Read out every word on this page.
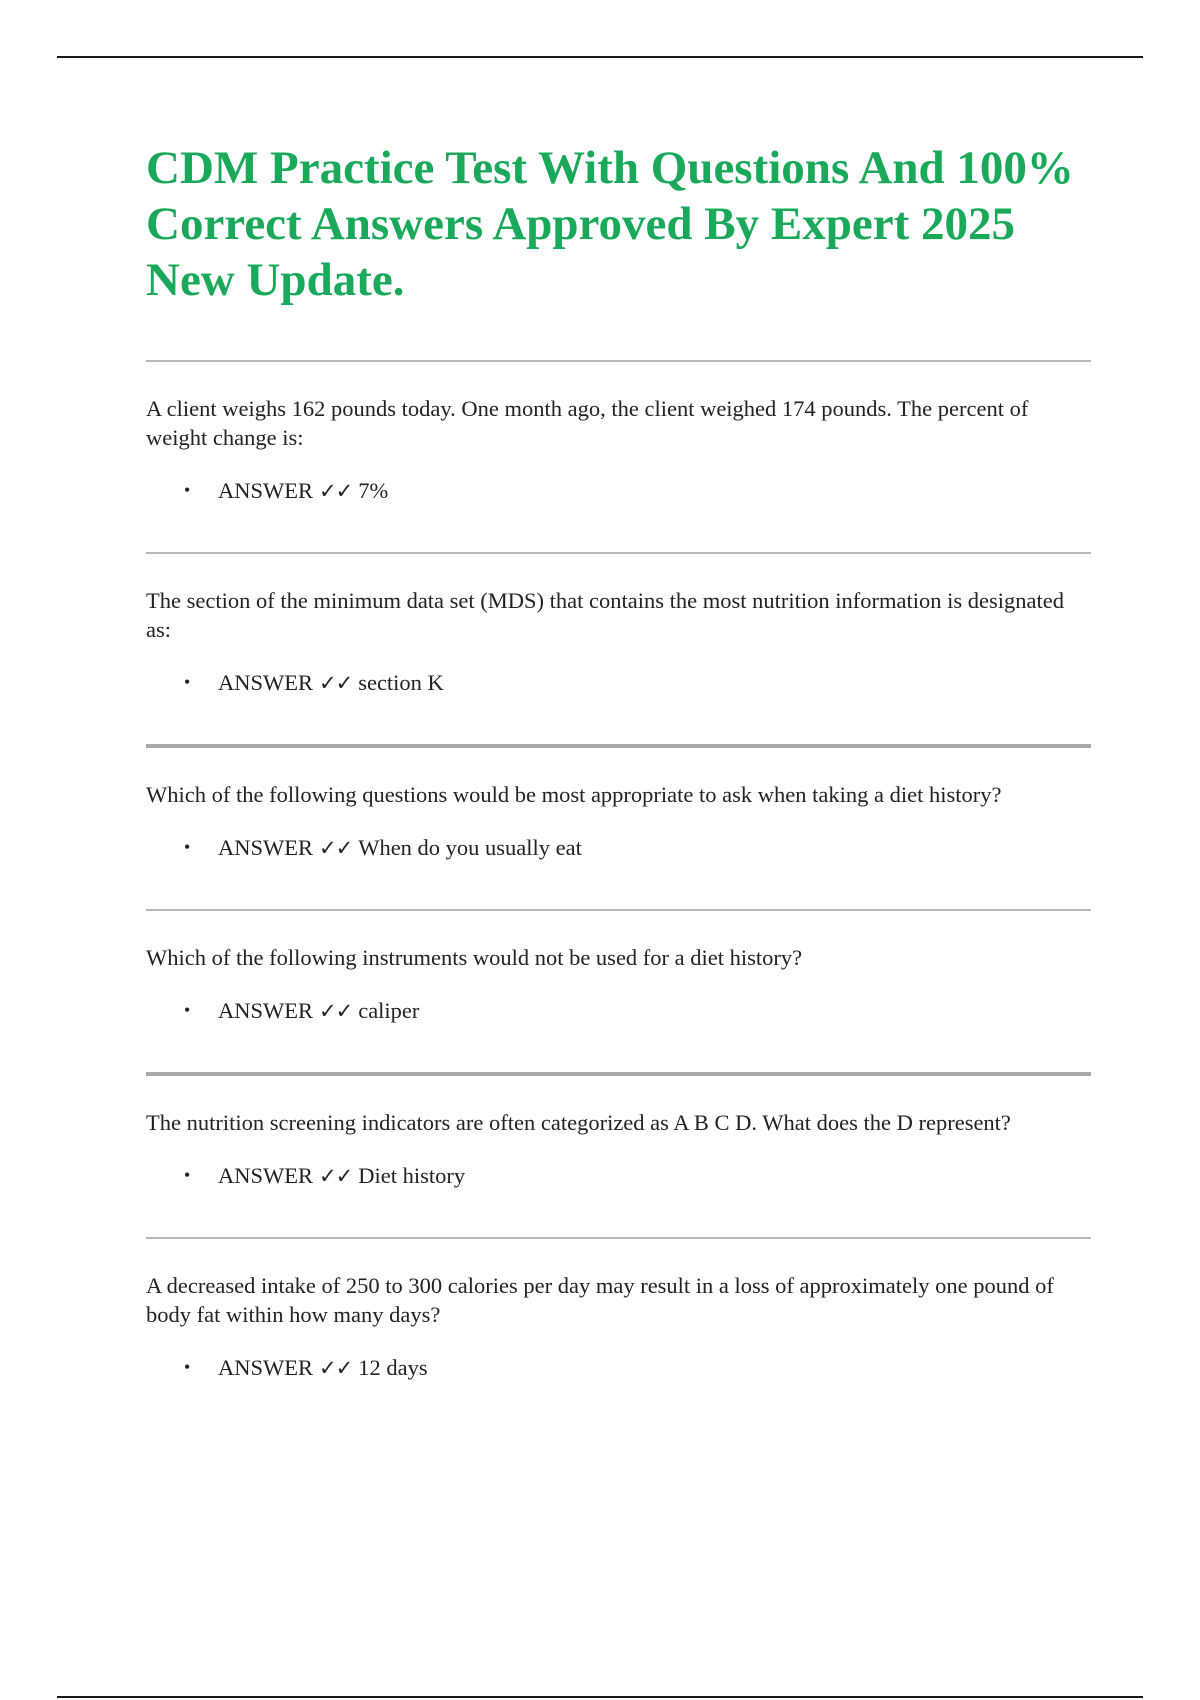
CDM Practice Test With Questions And 100% Correct Answers Approved By Expert 2025 New Update.

A client weighs 162 pounds today. One month ago, the client weighed 174 pounds. The percent of weight change is:

• ANSWER ✓✓ 7%

The section of the minimum data set (MDS) that contains the most nutrition information is designated as:

• ANSWER ✓✓ section K

Which of the following questions would be most appropriate to ask when taking a diet history?

• ANSWER ✓✓ When do you usually eat

Which of the following instruments would not be used for a diet history?

• ANSWER ✓✓ caliper

The nutrition screening indicators are often categorized as A B C D. What does the D represent?

• ANSWER ✓✓ Diet history

A decreased intake of 250 to 300 calories per day may result in a loss of approximately one pound of body fat within how many days?

• ANSWER ✓✓ 12 days
